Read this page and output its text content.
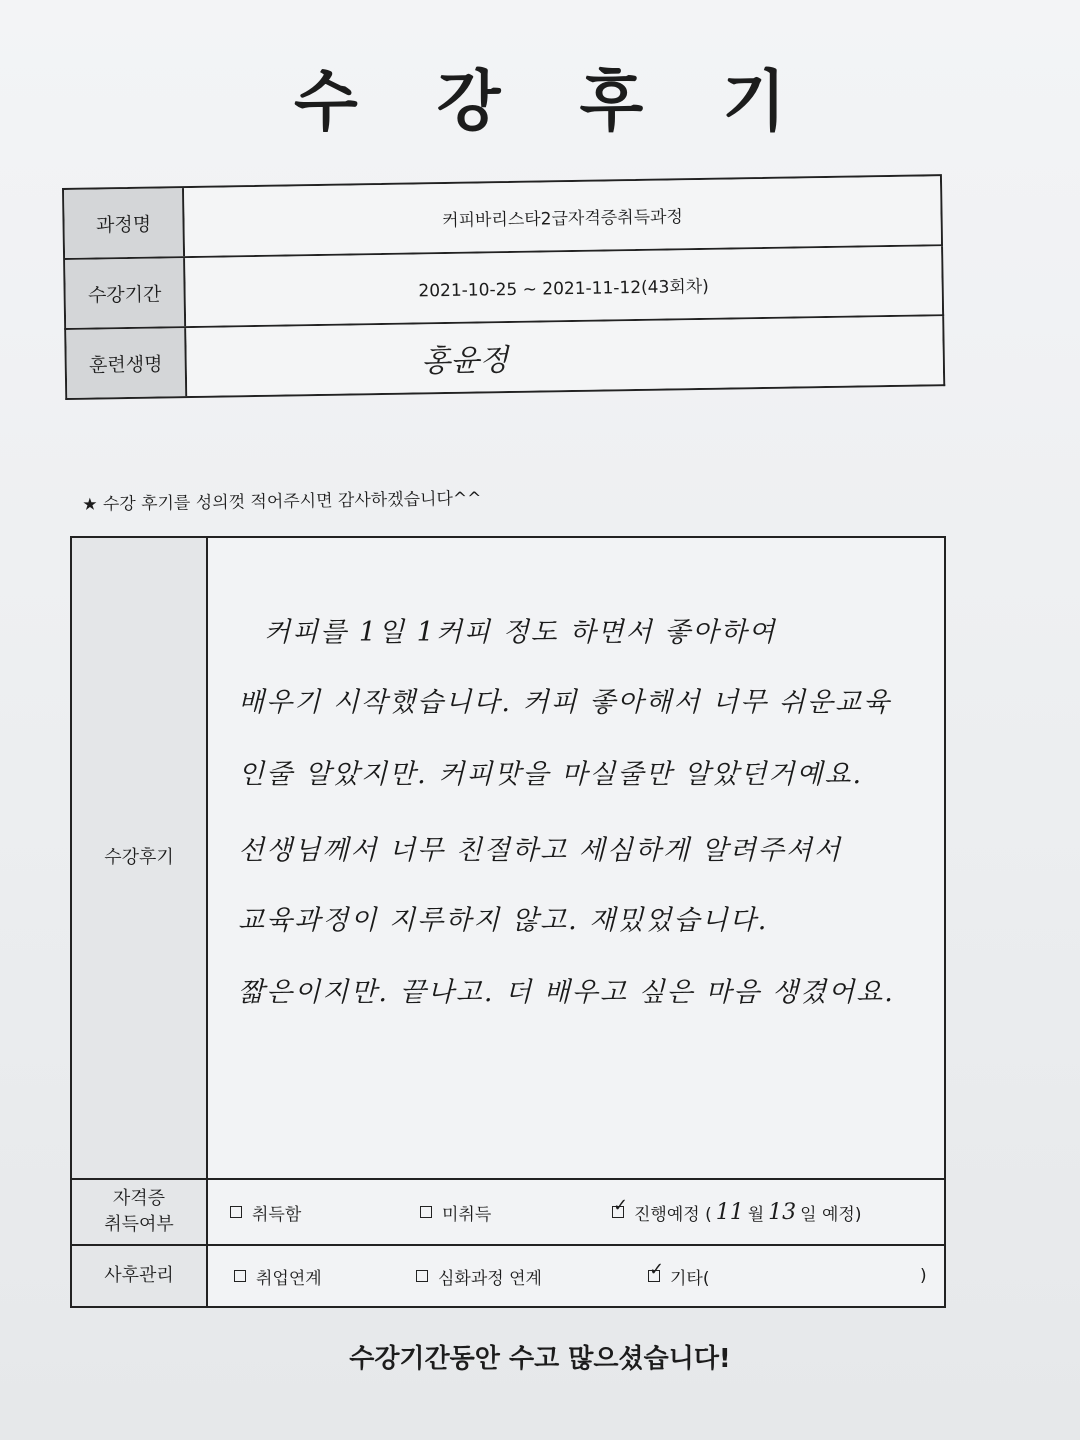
수 강 후 기
과정명	커피바리스타2급자격증취득과정
수강기간	2021-10-25 ~ 2021-11-12(43회차)
훈련생명	홍윤정
★ 수강 후기를 성의껏 적어주시면 감사하겠습니다^^
수강후기
커피를 1일 1커피 정도 하면서 좋아하여
배우기 시작했습니다. 커피 좋아해서 너무 쉬운교육
인줄 알았지만. 커피맛을 마실줄만 알았던거예요.
선생님께서 너무 친절하고 세심하게 알려주셔서
교육과정이 지루하지 않고. 재밌었습니다.
짧은이지만. 끝나고. 더 배우고 싶은 마음 생겼어요.
자격증
취득여부	취득함	미취득 ✓	진행예정 ( 11 월 13 일 예정)
사후관리	취업연계	심화과정 연계 ✓	기타(	)
수강기간동안 수고 많으셨습니다!
